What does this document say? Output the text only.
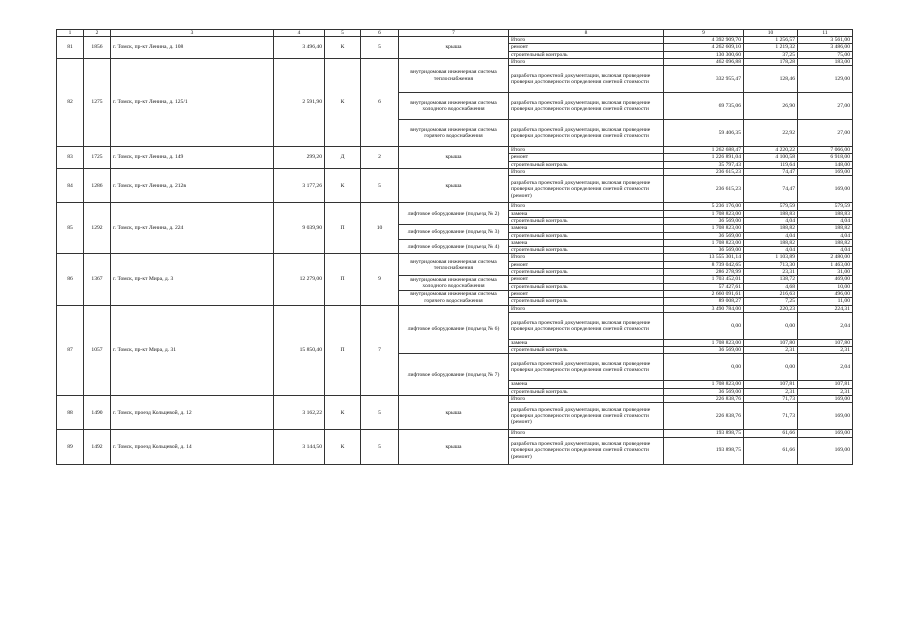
1	2	3	4	5	6	7	8	9	10	11
81	1856	г. Томск, пр-кт Ленина, д. 108	3 496,40	К	5	крыша	Итого	4 392 909,70	1 256,57	3 561,00
							ремонт	4 262 609,10	1 219,32	3 486,00
							строительный контроль	130 300,60	37,25	75,00
82	1275	г. Томск, пр-кт Ленина, д. 125/1	2 591,90	К	6	внутридомовая инженерная система теплоснабжения	Итого	462 096,88	178,28	183,00
							разработка проектной документации, включая проведение проверки достоверности определения сметной стоимости	332 955,47	128,46	129,00
						внутридомовая инженерная система холодного водоснабжения	разработка проектной документации, включая проведение проверки достоверности определения сметной стоимости	69 735,06	26,90	27,00
						внутридомовая инженерная система горячего водоснабжения	разработка проектной документации, включая проведение проверки достоверности определения сметной стоимости	59 406,35	22,92	27,00
83	1725	г. Томск, пр-кт Ленина, д. 149	299,20	Д	2	крыша	Итого	1 262 688,47	4 220,22	7 066,00
							ремонт	1 226 891,04	4 100,58	6 918,00
							строительный контроль	35 797,43	119,64	148,00
84	1286	г. Томск, пр-кт Ленина, д. 212в	3 177,26	К	5	крыша	Итого	236 615,23	74,47	169,00
							разработка проектной документации, включая проведение проверки достоверности определения сметной стоимости (ремонт)	236 615,23	74,47	169,00
85	1292	г. Томск, пр-кт Ленина, д. 224	9 039,90	П	10	лифтовое оборудование (подъезд № 2)	Итого	5 236 176,00	579,59	579,59
							замена	1 708 823,00	188,83	188,83
							строительный контроль	36 569,00	4,04	4,04
						лифтовое оборудование (подъезд № 3)	замена	1 708 823,00	188,82	188,82
							строительный контроль	36 569,00	4,04	4,04
						лифтовое оборудование (подъезд № 4)	замена	1 708 823,00	188,82	188,82
							строительный контроль	36 569,00	4,04	4,04
86	1367	г. Томск, пр-кт Мира, д. 3	12 279,00	П	9	внутридомовая инженерная система теплоснабжения	Итого	13 555 301,14	1 103,89	2 480,00
							ремонт	8 739 042,65	713,30	1 463,00
							строительный контроль	286 278,99	23,31	31,00
						внутридомовая инженерная система холодного водоснабжения	ремонт	1 703 452,01	138,72	469,00
							строительный контроль	57 427,61	4,68	10,00
						внутридомовая инженерная система горячего водоснабжения	ремонт	2 660 091,61	216,63	496,00
							строительный контроль	89 008,27	7,25	11,00
87	1057	г. Томск, пр-кт Мира, д. 31	15 850,40	П	7	лифтовое оборудование (подъезд № 6)	Итого	3 490 784,00	220,23	224,31
							разработка проектной документации, включая проведение проверки достоверности определения сметной стоимости	0,00	0,00	2,04
							замена	1 708 823,00	107,80	107,80
							строительный контроль	36 569,00	2,31	2,31
						лифтовое оборудование (подъезд № 7)	разработка проектной документации, включая проведение проверки достоверности определения сметной стоимости	0,00	0,00	2,04
							замена	1 708 823,00	107,81	107,81
							строительный контроль	36 569,00	2,31	2,31
88	1490	г. Томск, проезд Кольцевой, д. 12	3 162,22	К	5	крыша	Итого	226 838,76	71,73	169,00
							разработка проектной документации, включая проведение проверки достоверности определения сметной стоимости (ремонт)	226 838,76	71,73	169,00
89	1492	г. Томск, проезд Кольцевой, д. 14	3 144,50	К	5	крыша	Итого	193 898,75	61,66	169,00
							разработка проектной документации, включая проведение проверки достоверности определения сметной стоимости (ремонт)	193 898,75	61,66	169,00
